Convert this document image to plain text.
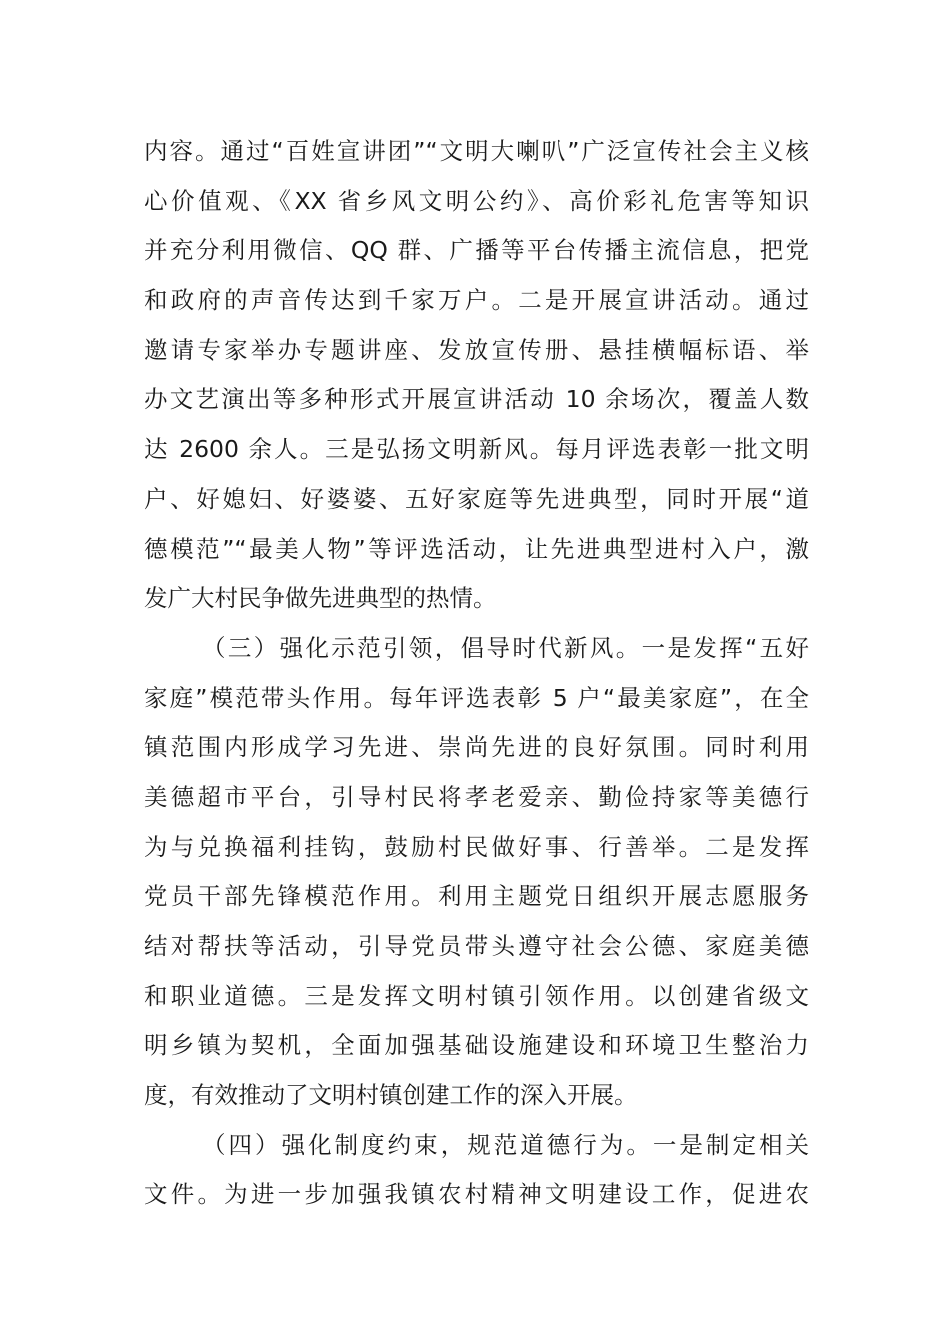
内容。通过“百姓宣讲团”“文明大喇叭”广泛宣传社会主义核
心价值观、《XX 省乡风文明公约》、高价彩礼危害等知识
并充分利用微信、QQ 群、广播等平台传播主流信息，把党
和政府的声音传达到千家万户。二是开展宣讲活动。通过
邀请专家举办专题讲座、发放宣传册、悬挂横幅标语、举
办文艺演出等多种形式开展宣讲活动 10 余场次，覆盖人数
达 2600 余人。三是弘扬文明新风。每月评选表彰一批文明
户、好媳妇、好婆婆、五好家庭等先进典型，同时开展“道
德模范”“最美人物”等评选活动，让先进典型进村入户，激
发广大村民争做先进典型的热情。
（三）强化示范引领，倡导时代新风。一是发挥“五好
家庭”模范带头作用。每年评选表彰 5 户“最美家庭”，在全
镇范围内形成学习先进、崇尚先进的良好氛围。同时利用
美德超市平台，引导村民将孝老爱亲、勤俭持家等美德行
为与兑换福利挂钩，鼓励村民做好事、行善举。二是发挥
党员干部先锋模范作用。利用主题党日组织开展志愿服务
结对帮扶等活动，引导党员带头遵守社会公德、家庭美德
和职业道德。三是发挥文明村镇引领作用。以创建省级文
明乡镇为契机，全面加强基础设施建设和环境卫生整治力
度，有效推动了文明村镇创建工作的深入开展。
（四）强化制度约束，规范道德行为。一是制定相关
文件。为进一步加强我镇农村精神文明建设工作，促进农
